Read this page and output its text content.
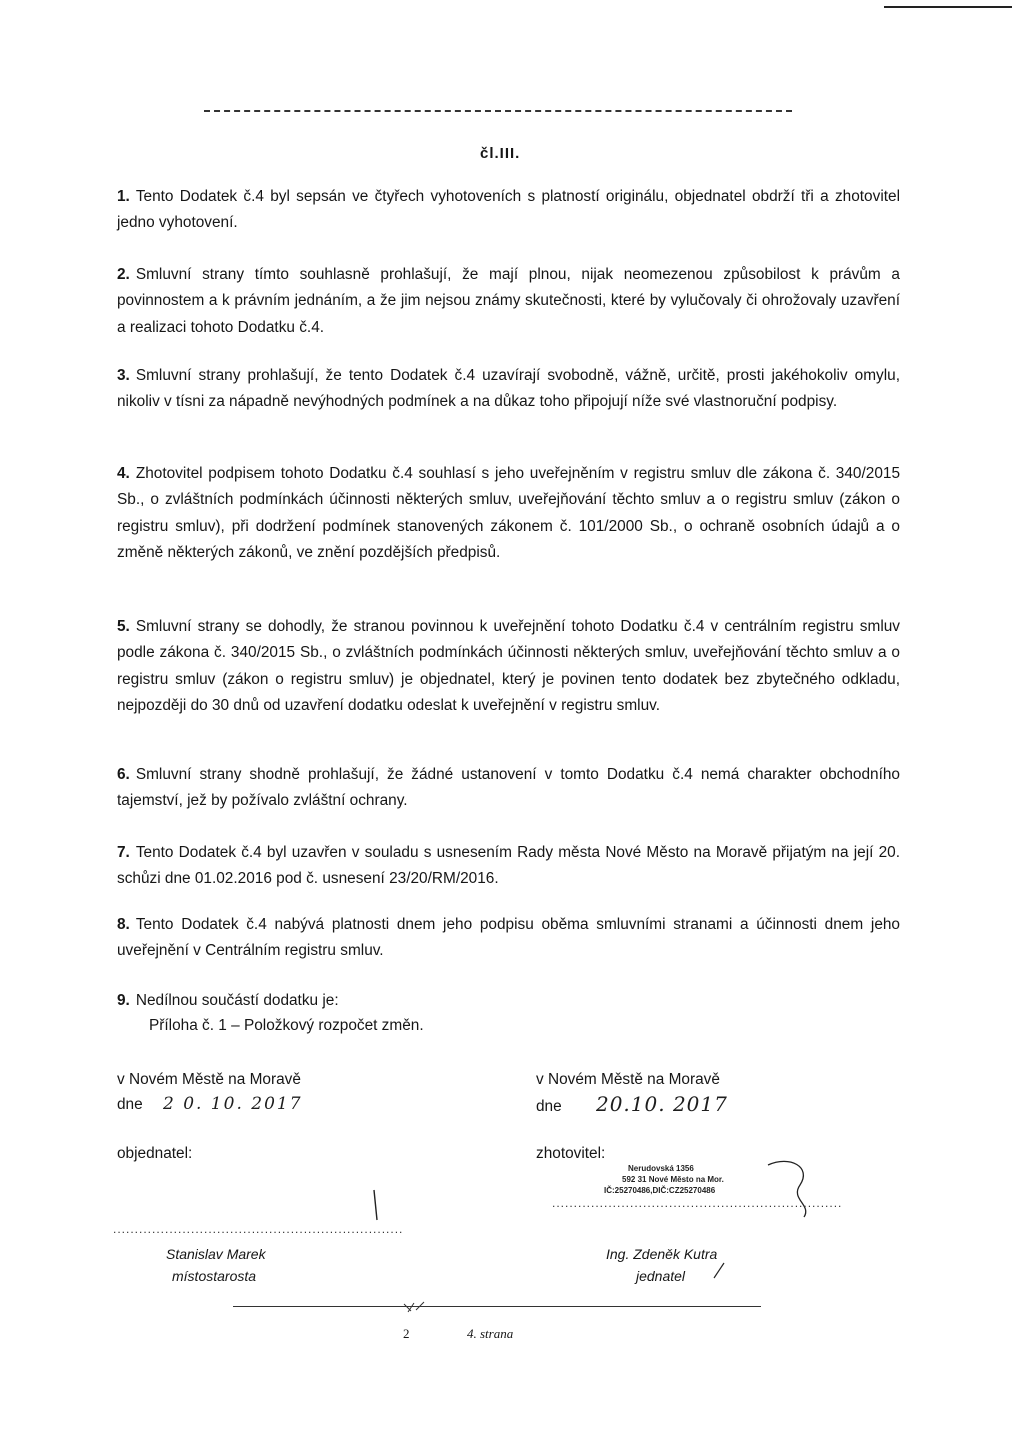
čl.III.
1. Tento Dodatek č.4 byl sepsán ve čtyřech vyhotoveních s platností originálu, objednatel obdrží tři a zhotovitel jedno vyhotovení.
2. Smluvní strany tímto souhlasně prohlašují, že mají plnou, nijak neomezenou způsobilost k právům a povinnostem a k právním jednáním, a že jim nejsou známy skutečnosti, které by vylučovaly či ohrožovaly uzavření a realizaci tohoto Dodatku č.4.
3. Smluvní strany prohlašují, že tento Dodatek č.4 uzavírají svobodně, vážně, určitě, prosti jakéhokoliv omylu, nikoliv v tísni za nápadně nevýhodných podmínek a na důkaz toho připojují níže své vlastnoruční podpisy.
4. Zhotovitel podpisem tohoto Dodatku č.4 souhlasí s jeho uveřejněním v registru smluv dle zákona č. 340/2015 Sb., o zvláštních podmínkách účinnosti některých smluv, uveřejňování těchto smluv a o registru smluv (zákon o registru smluv), při dodržení podmínek stanovených zákonem č. 101/2000 Sb., o ochraně osobních údajů a o změně některých zákonů, ve znění pozdějších předpisů.
5. Smluvní strany se dohodly, že stranou povinnou k uveřejnění tohoto Dodatku č.4 v centrálním registru smluv podle zákona č. 340/2015 Sb., o zvláštních podmínkách účinnosti některých smluv, uveřejňování těchto smluv a o registru smluv (zákon o registru smluv) je objednatel, který je povinen tento dodatek bez zbytečného odkladu, nejpozději do 30 dnů od uzavření dodatku odeslat k uveřejnění v registru smluv.
6. Smluvní strany shodně prohlašují, že žádné ustanovení v tomto Dodatku č.4 nemá charakter obchodního tajemství, jež by požívalo zvláštní ochrany.
7. Tento Dodatek č.4 byl uzavřen v souladu s usnesením Rady města Nové Město na Moravě přijatým na její 20. schůzi dne 01.02.2016 pod č. usnesení 23/20/RM/2016.
8. Tento Dodatek č.4 nabývá platnosti dnem jeho podpisu oběma smluvními stranami a účinnosti dnem jeho uveřejnění v Centrálním registru smluv.
9. Nedílnou součástí dodatku je:
Příloha č. 1 – Položkový rozpočet změn.
v Novém Městě na Moravě
dne 2 0. 10. 2017
objednatel:
...................................................................
Stanislav Marek
místostarosta
v Novém Městě na Moravě
dne 20.10. 2017
zhotovitel:
Nerudovská 1356
592 31 Nové Město na Mor.
IČ:25270486,DIČ:CZ25270486
...................................................................
Ing. Zdeněk Kutra
jednatel
2	4. strana
